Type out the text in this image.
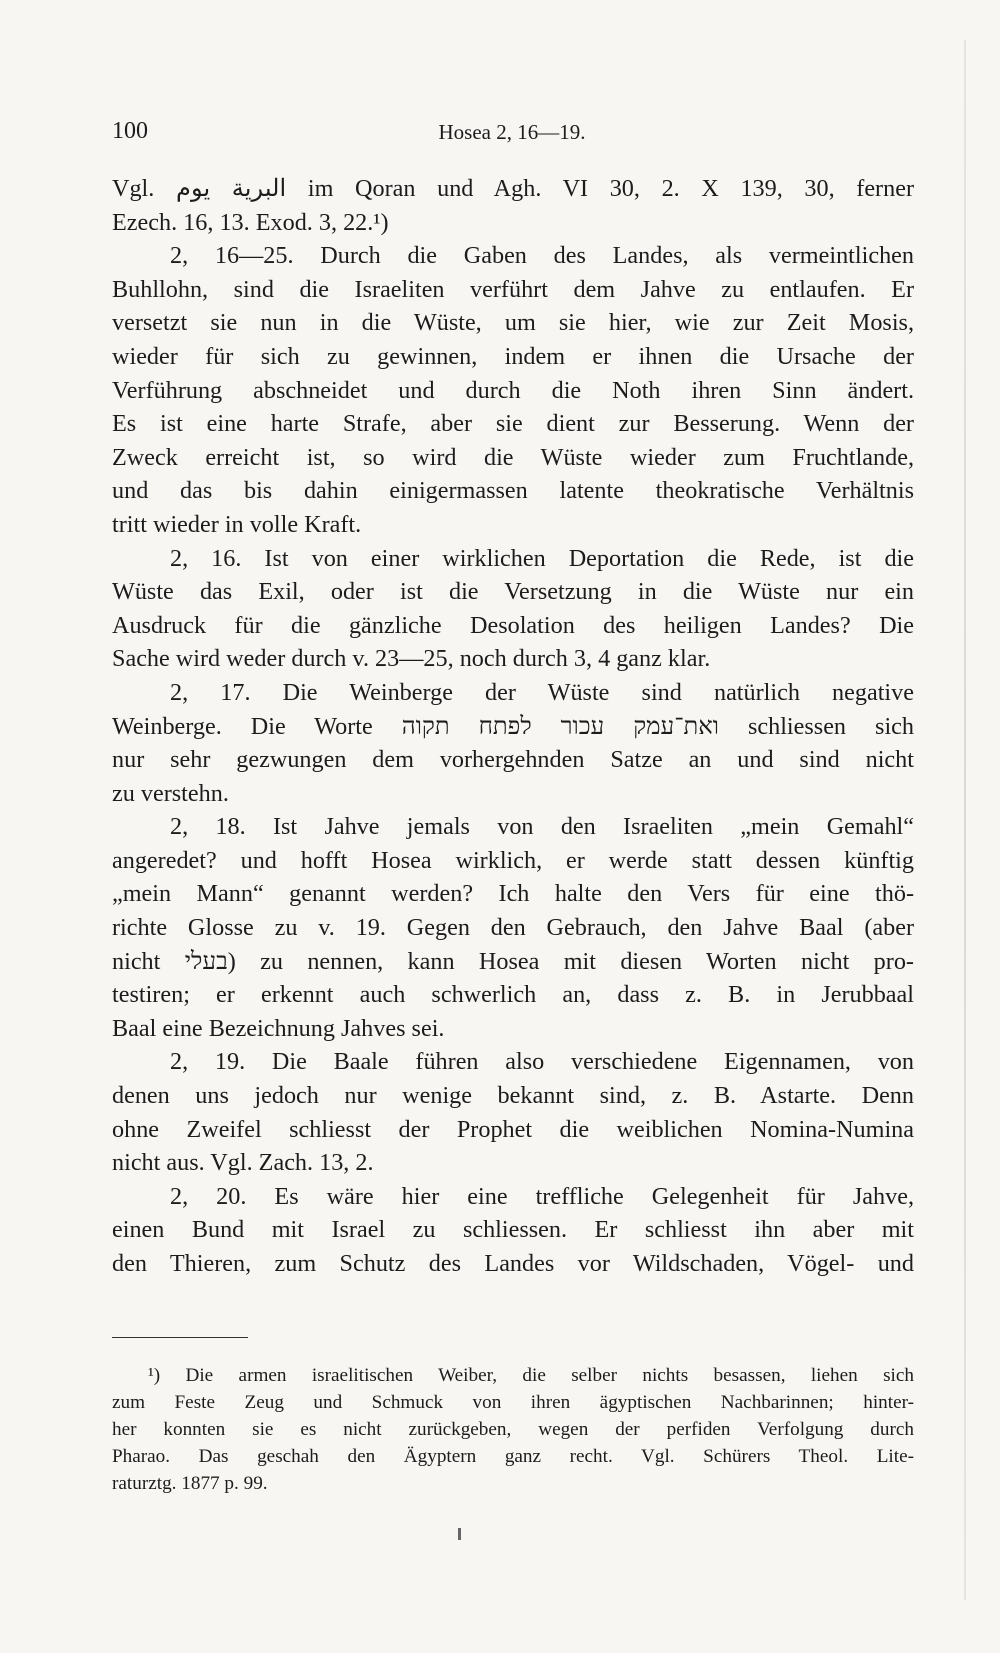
100	Hosea 2, 16—19.

Vgl. البرية يوم im Qoran und Agh. VI 30, 2. X 139, 30, ferner
Ezech. 16, 13. Exod. 3, 22.¹)

2, 16—25. Durch die Gaben des Landes, als vermeintlichen
Buhllohn, sind die Israeliten verführt dem Jahve zu entlaufen. Er
versetzt sie nun in die Wüste, um sie hier, wie zur Zeit Mosis,
wieder für sich zu gewinnen, indem er ihnen die Ursache der
Verführung abschneidet und durch die Noth ihren Sinn ändert.
Es ist eine harte Strafe, aber sie dient zur Besserung. Wenn der
Zweck erreicht ist, so wird die Wüste wieder zum Fruchtlande,
und das bis dahin einigermassen latente theokratische Verhältnis
tritt wieder in volle Kraft.

2, 16. Ist von einer wirklichen Deportation die Rede, ist die
Wüste das Exil, oder ist die Versetzung in die Wüste nur ein
Ausdruck für die gänzliche Desolation des heiligen Landes? Die
Sache wird weder durch v. 23—25, noch durch 3, 4 ganz klar.

2, 17. Die Weinberge der Wüste sind natürlich negative
Weinberge. Die Worte ואת־עמק עכור לפתח תקוה schliessen sich
nur sehr gezwungen dem vorhergehnden Satze an und sind nicht
zu verstehn.

2, 18. Ist Jahve jemals von den Israeliten „mein Gemahl“
angeredet? und hofft Hosea wirklich, er werde statt dessen künftig
„mein Mann“ genannt werden? Ich halte den Vers für eine thö-
richte Glosse zu v. 19. Gegen den Gebrauch, den Jahve Baal (aber
nicht בעלי) zu nennen, kann Hosea mit diesen Worten nicht pro-
testiren; er erkennt auch schwerlich an, dass z. B. in Jerubbaal
Baal eine Bezeichnung Jahves sei.

2, 19. Die Baale führen also verschiedene Eigennamen, von
denen uns jedoch nur wenige bekannt sind, z. B. Astarte. Denn
ohne Zweifel schliesst der Prophet die weiblichen Nomina-Numina
nicht aus. Vgl. Zach. 13, 2.

2, 20. Es wäre hier eine treffliche Gelegenheit für Jahve,
einen Bund mit Israel zu schliessen. Er schliesst ihn aber mit
den Thieren, zum Schutz des Landes vor Wildschaden, Vögel- und

¹) Die armen israelitischen Weiber, die selber nichts besassen, liehen sich
zum Feste Zeug und Schmuck von ihren ägyptischen Nachbarinnen; hinter-
her konnten sie es nicht zurückgeben, wegen der perfiden Verfolgung durch
Pharao. Das geschah den Ägyptern ganz recht. Vgl. Schürers Theol. Lite-
raturztg. 1877 p. 99.
